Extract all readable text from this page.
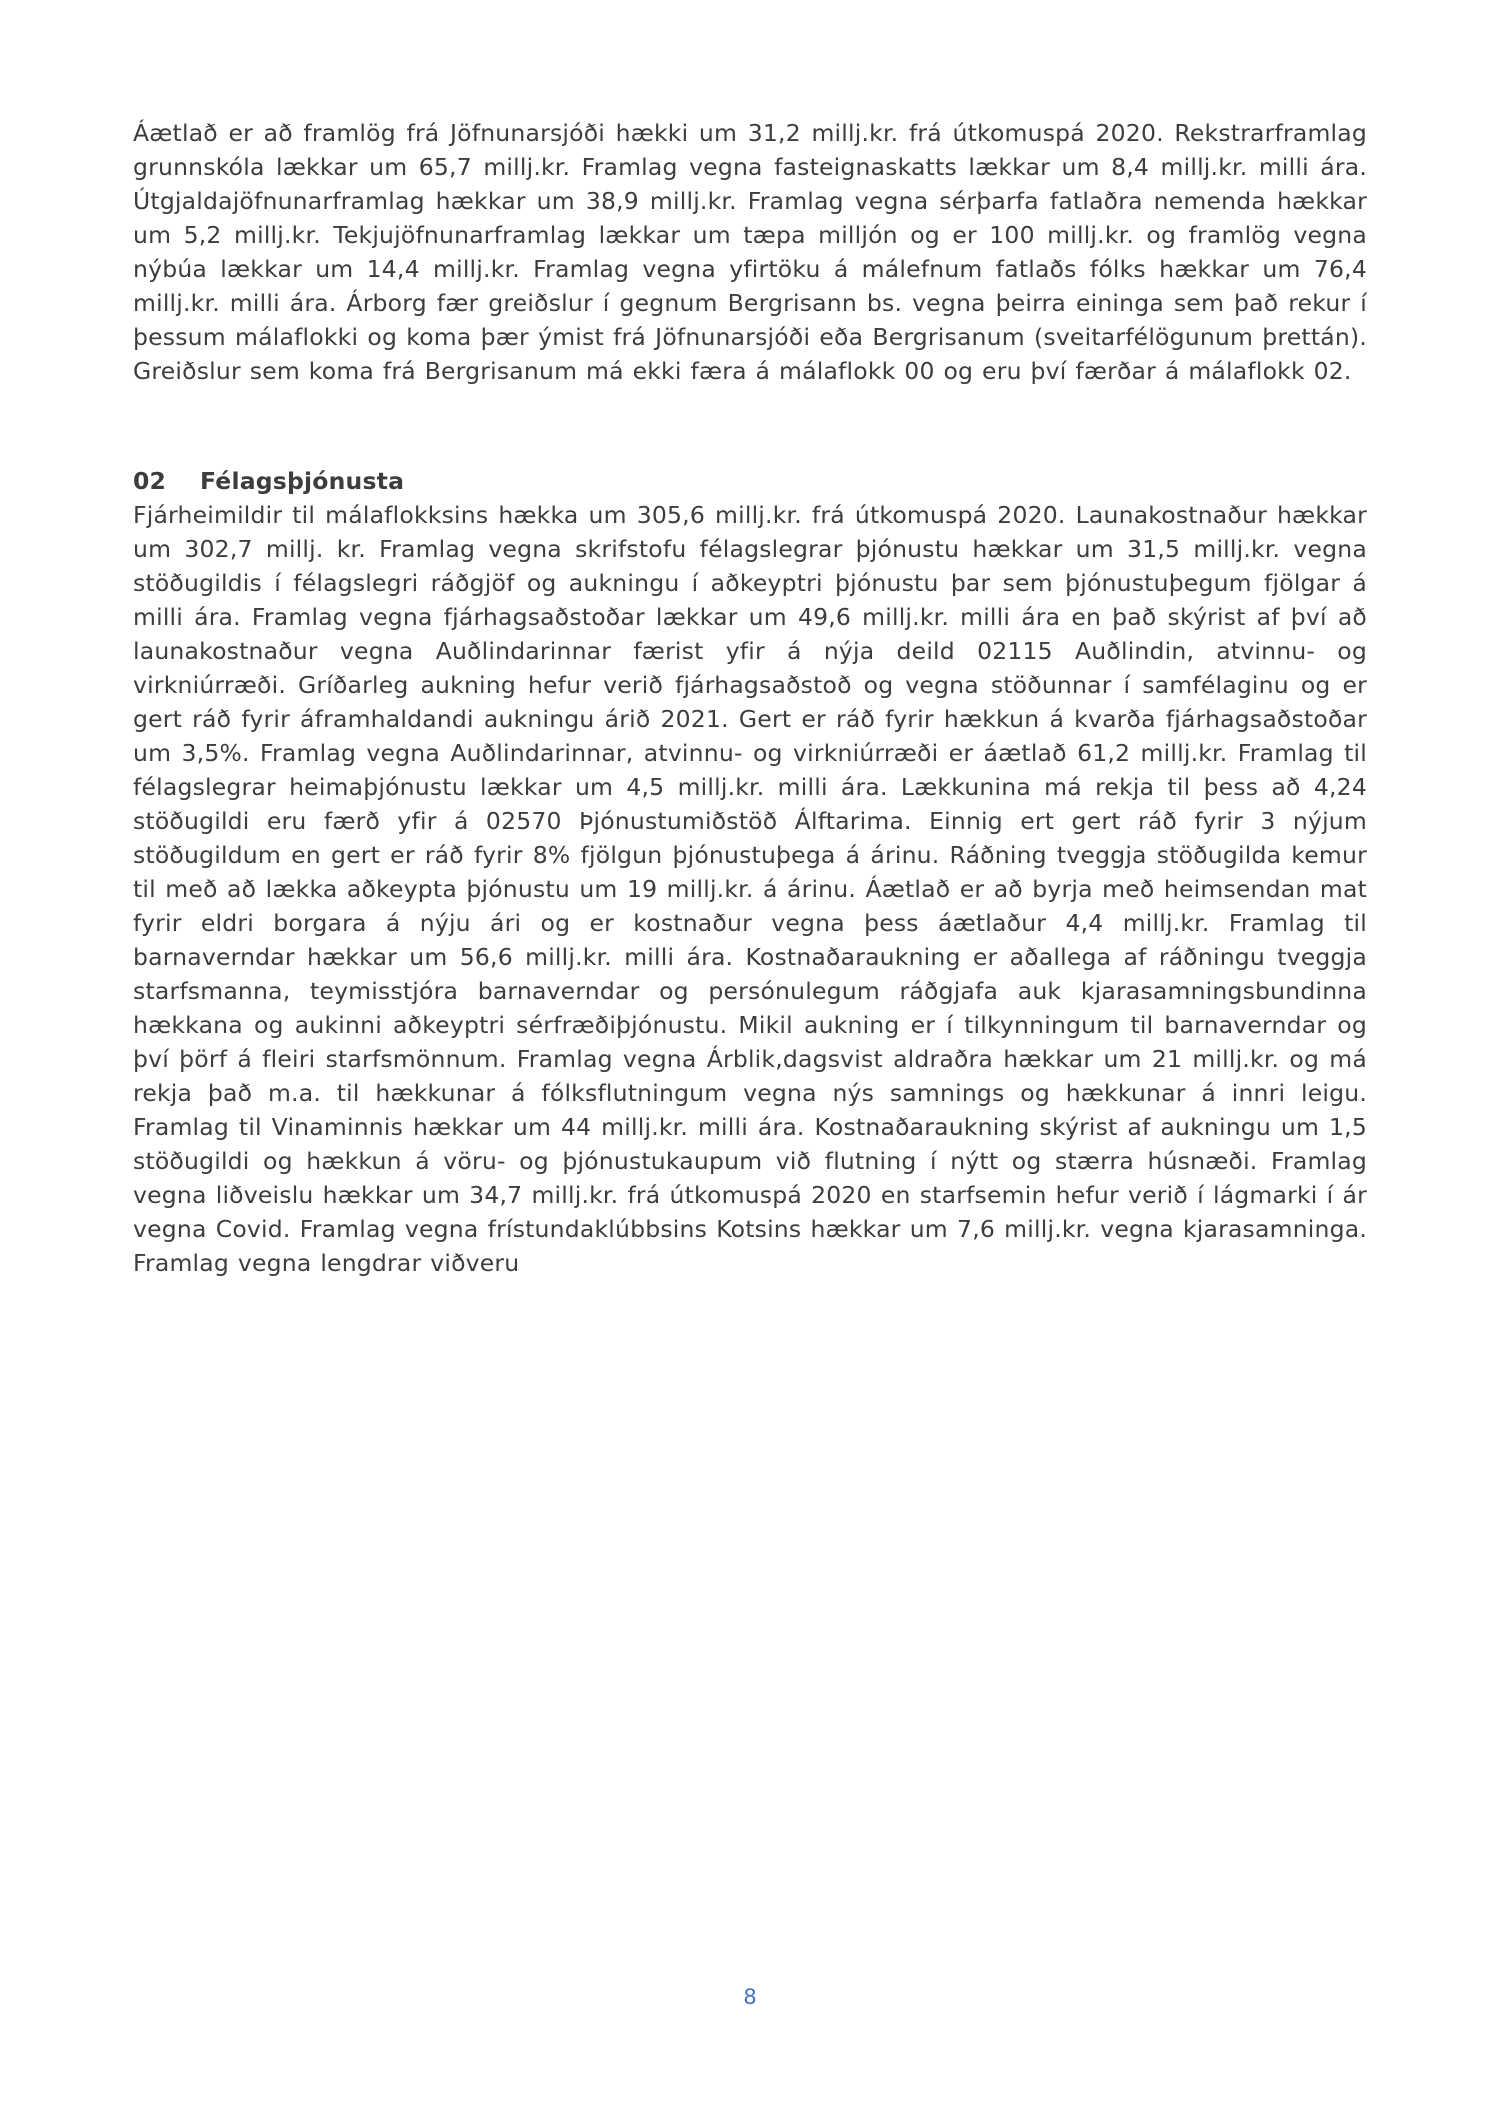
Áætlað er að framlög frá Jöfnunarsjóði hækki um 31,2 millj.kr. frá útkomuspá 2020. Rekstrarframlag grunnskóla lækkar um 65,7 millj.kr. Framlag vegna fasteignaskatts lækkar um 8,4 millj.kr. milli ára. Útgjaldajöfnunarframlag hækkar um 38,9 millj.kr. Framlag vegna sérþarfa fatlaðra nemenda hækkar um 5,2 millj.kr. Tekjujöfnunarframlag lækkar um tæpa milljón og er 100 millj.kr. og framlög vegna nýbúa lækkar um 14,4 millj.kr. Framlag vegna yfirtöku á málefnum fatlaðs fólks hækkar um 76,4 millj.kr. milli ára. Árborg fær greiðslur í gegnum Bergrisann bs. vegna þeirra eininga sem það rekur í þessum málaflokki og koma þær ýmist frá Jöfnunarsjóði eða Bergrisanum (sveitarfélögunum þrettán). Greiðslur sem koma frá Bergrisanum má ekki færa á málaflokk 00 og eru því færðar á málaflokk 02.

02 Félagsþjónusta

Fjárheimildir til málaflokksins hækka um 305,6 millj.kr. frá útkomuspá 2020. Launakostnaður hækkar um 302,7 millj. kr. Framlag vegna skrifstofu félagslegrar þjónustu hækkar um 31,5 millj.kr. vegna stöðugildis í félagslegri ráðgjöf og aukningu í aðkeyptri þjónustu þar sem þjónustuþegum fjölgar á milli ára. Framlag vegna fjárhagsaðstoðar lækkar um 49,6 millj.kr. milli ára en það skýrist af því að launakostnaður vegna Auðlindarinnar færist yfir á nýja deild 02115 Auðlindin, atvinnu- og virkniúrræði. Gríðarleg aukning hefur verið fjárhagsaðstoð og vegna stöðunnar í samfélaginu og er gert ráð fyrir áframhaldandi aukningu árið 2021. Gert er ráð fyrir hækkun á kvarða fjárhagsaðstoðar um 3,5%. Framlag vegna Auðlindarinnar, atvinnu- og virkniúrræði er áætlað 61,2 millj.kr. Framlag til félagslegrar heimaþjónustu lækkar um 4,5 millj.kr. milli ára. Lækkunina má rekja til þess að 4,24 stöðugildi eru færð yfir á 02570 Þjónustumiðstöð Álftarima. Einnig ert gert ráð fyrir 3 nýjum stöðugildum en gert er ráð fyrir 8% fjölgun þjónustuþega á árinu. Ráðning tveggja stöðugilda kemur til með að lækka aðkeypta þjónustu um 19 millj.kr. á árinu. Áætlað er að byrja með heimsendan mat fyrir eldri borgara á nýju ári og er kostnaður vegna þess áætlaður 4,4 millj.kr. Framlag til barnaverndar hækkar um 56,6 millj.kr. milli ára. Kostnaðaraukning er aðallega af ráðningu tveggja starfsmanna, teymisstjóra barnaverndar og persónulegum ráðgjafa auk kjarasamningsbundinna hækkana og aukinni aðkeyptri sérfræðiþjónustu. Mikil aukning er í tilkynningum til barnaverndar og því þörf á fleiri starfsmönnum. Framlag vegna Árblik,dagsvist aldraðra hækkar um 21 millj.kr. og má rekja það m.a. til hækkunar á fólksflutningum vegna nýs samnings og hækkunar á innri leigu. Framlag til Vinaminnis hækkar um 44 millj.kr. milli ára. Kostnaðaraukning skýrist af aukningu um 1,5 stöðugildi og hækkun á vöru- og þjónustukaupum við flutning í nýtt og stærra húsnæði. Framlag vegna liðveislu hækkar um 34,7 millj.kr. frá útkomuspá 2020 en starfsemin hefur verið í lágmarki í ár vegna Covid. Framlag vegna frístundaklúbbsins Kotsins hækkar um 7,6 millj.kr. vegna kjarasamninga. Framlag vegna lengdrar viðveru

8
